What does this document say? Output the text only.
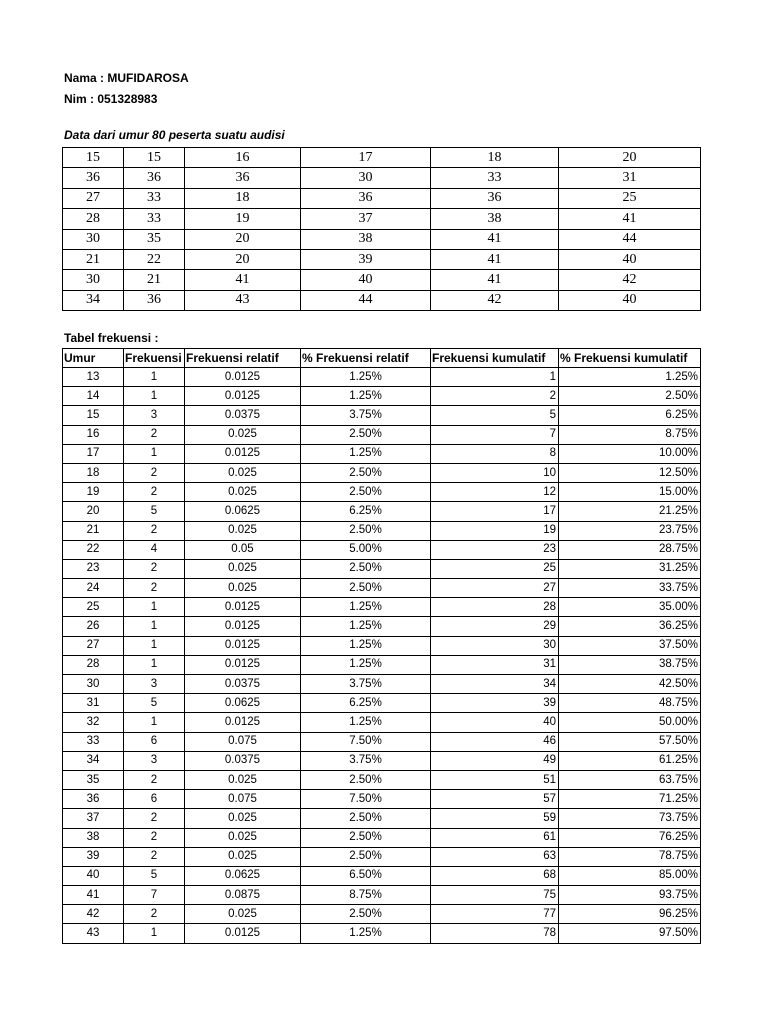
Nama : MUFIDAROSA
Nim : 051328983
Data dari umur 80 peserta suatu audisi
15	15	16	17	18	20
36	36	36	30	33	31
27	33	18	36	36	25
28	33	19	37	38	41
30	35	20	38	41	44
21	22	20	39	41	40
30	21	41	40	41	42
34	36	43	44	42	40
Tabel frekuensi :
Umur	Frekuensi	Frekuensi relatif	% Frekuensi relatif	Frekuensi kumulatif	% Frekuensi kumulatif
13	1	0.0125	1.25%	1	1.25%
14	1	0.0125	1.25%	2	2.50%
15	3	0.0375	3.75%	5	6.25%
16	2	0.025	2.50%	7	8.75%
17	1	0.0125	1.25%	8	10.00%
18	2	0.025	2.50%	10	12.50%
19	2	0.025	2.50%	12	15.00%
20	5	0.0625	6.25%	17	21.25%
21	2	0.025	2.50%	19	23.75%
22	4	0.05	5.00%	23	28.75%
23	2	0.025	2.50%	25	31.25%
24	2	0.025	2.50%	27	33.75%
25	1	0.0125	1.25%	28	35.00%
26	1	0.0125	1.25%	29	36.25%
27	1	0.0125	1.25%	30	37.50%
28	1	0.0125	1.25%	31	38.75%
30	3	0.0375	3.75%	34	42.50%
31	5	0.0625	6.25%	39	48.75%
32	1	0.0125	1.25%	40	50.00%
33	6	0.075	7.50%	46	57.50%
34	3	0.0375	3.75%	49	61.25%
35	2	0.025	2.50%	51	63.75%
36	6	0.075	7.50%	57	71.25%
37	2	0.025	2.50%	59	73.75%
38	2	0.025	2.50%	61	76.25%
39	2	0.025	2.50%	63	78.75%
40	5	0.0625	6.50%	68	85.00%
41	7	0.0875	8.75%	75	93.75%
42	2	0.025	2.50%	77	96.25%
43	1	0.0125	1.25%	78	97.50%
